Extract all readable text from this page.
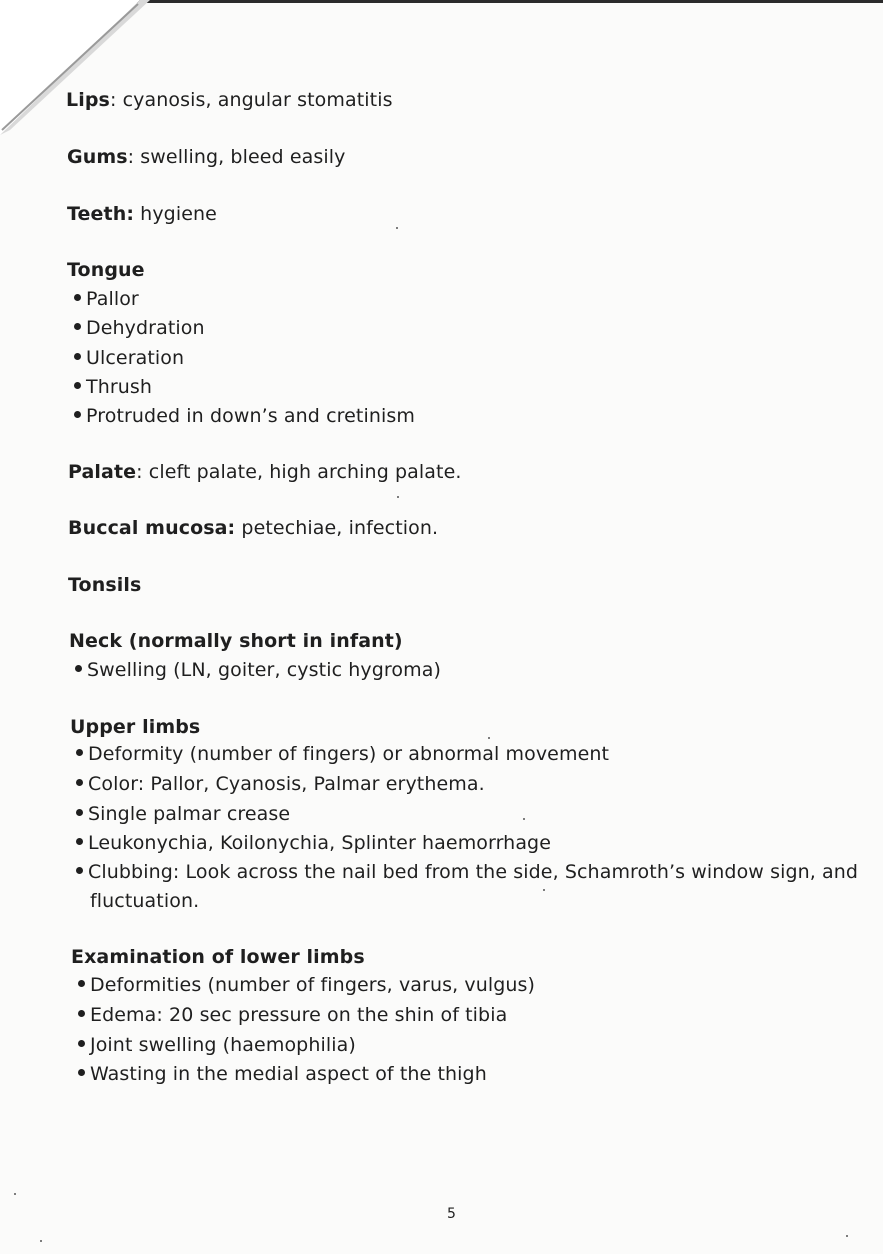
Lips: cyanosis, angular stomatitis
Gums: swelling, bleed easily
Teeth: hygiene
Tongue
Pallor
Dehydration
Ulceration
Thrush
Protruded in down’s and cretinism
Palate: cleft palate, high arching palate.
Buccal mucosa: petechiae, infection.
Tonsils
Neck (normally short in infant)
Swelling (LN, goiter, cystic hygroma)
Upper limbs
Deformity (number of fingers) or abnormal movement
Color: Pallor, Cyanosis, Palmar erythema.
Single palmar crease
Leukonychia, Koilonychia, Splinter haemorrhage
Clubbing: Look across the nail bed from the side, Schamroth’s window sign, and
fluctuation.
Examination of lower limbs
Deformities (number of fingers, varus, vulgus)
Edema: 20 sec pressure on the shin of tibia
Joint swelling (haemophilia)
Wasting in the medial aspect of the thigh
5
